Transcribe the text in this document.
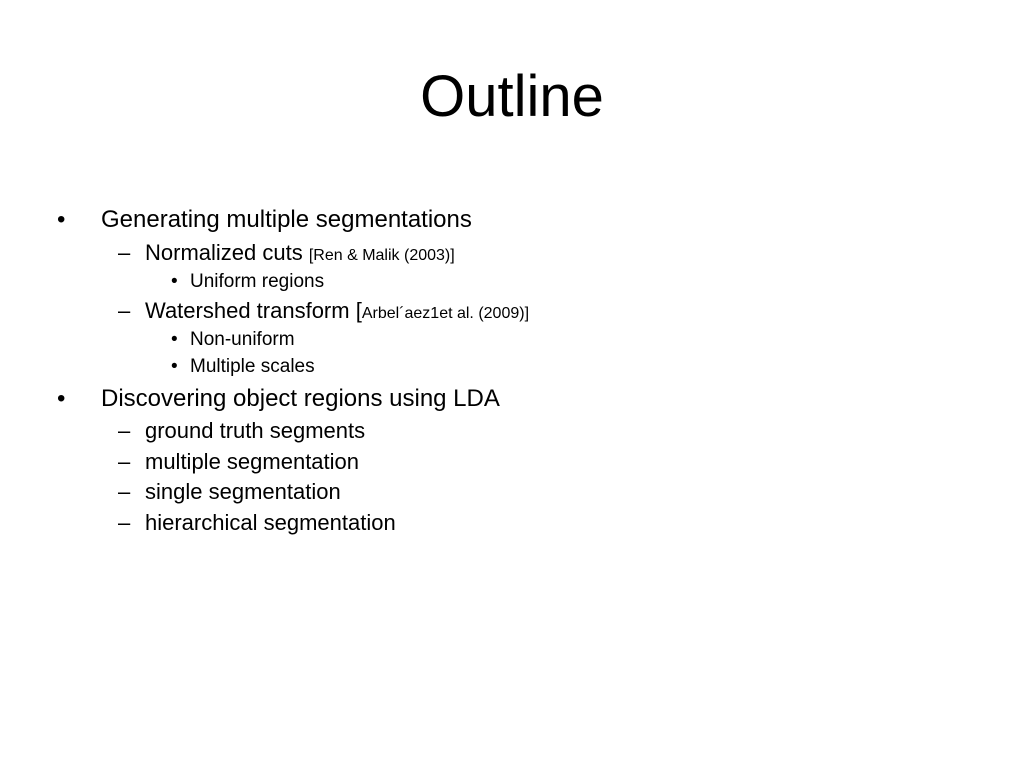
Outline
• Generating multiple segmentations
– Normalized cuts [Ren & Malik (2003)]
• Uniform regions
– Watershed transform [Arbel´aez1et al. (2009)]
• Non-uniform
• Multiple scales
• Discovering object regions using LDA
– ground truth segments
– multiple segmentation
– single segmentation
– hierarchical segmentation
